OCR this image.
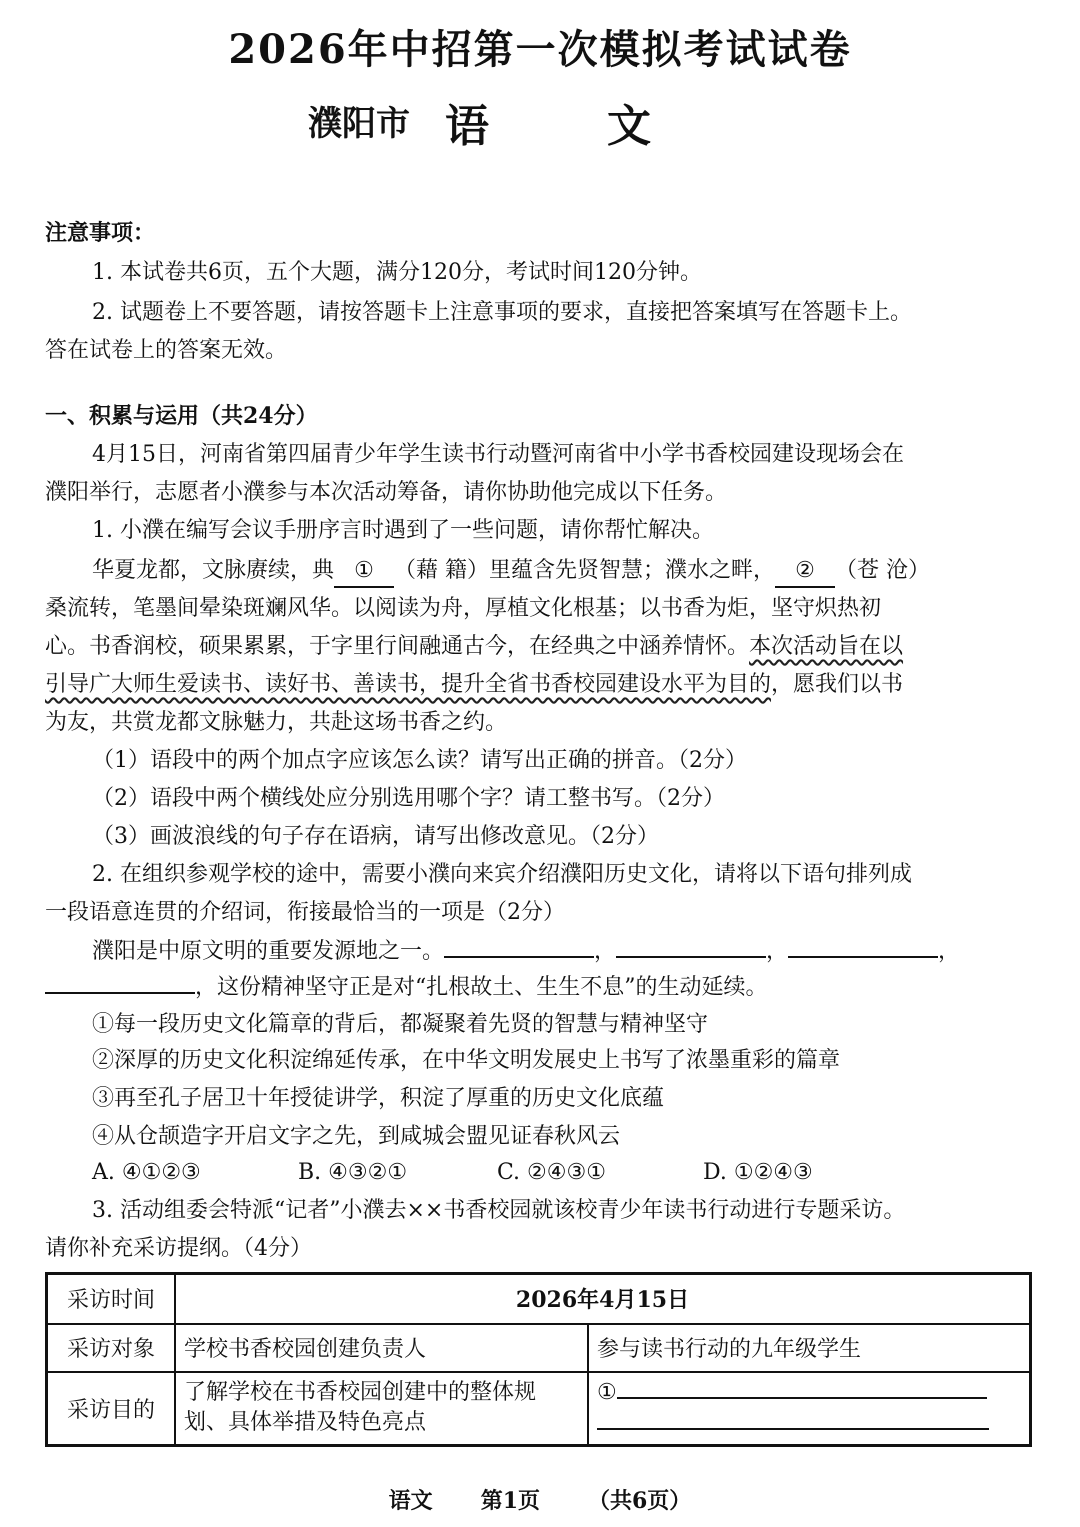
2026年中招第一次模拟考试试卷
濮阳市 语文
注意事项：
1. 本试卷共6页，五个大题，满分120分，考试时间120分钟。
2. 试题卷上不要答题，请按答题卡上注意事项的要求，直接把答案填写在答题卡上。
答在试卷上的答案无效。
一、积累与运用（共24分）
4月15日，河南省第四届青少年学生读书行动暨河南省中小学书香校园建设现场会在
濮阳举行，志愿者小濮参与本次活动筹备，请你协助他完成以下任务。
1. 小濮在编写会议手册序言时遇到了一些问题，请你帮忙解决。
华夏龙都，文脉赓续，典 ① （藉 籍）里蕴含先贤智慧；濮水之畔， ② （苍 沧）
桑流转，笔墨间晕染斑斓风华。以阅读为舟，厚植文化根基；以书香为炬，坚守炽热初
心。书香润校，硕果累累，于字里行间融通古今，在经典之中涵养情怀。本次活动旨在以
引导广大师生爱读书、读好书、善读书，提升全省书香校园建设水平为目的，愿我们以书
为友，共赏龙都文脉魅力，共赴这场书香之约。
（1）语段中的两个加点字应该怎么读？请写出正确的拼音。（2分）
（2）语段中两个横线处应分别选用哪个字？请工整书写。（2分）
（3）画波浪线的句子存在语病，请写出修改意见。（2分）
2. 在组织参观学校的途中，需要小濮向来宾介绍濮阳历史文化，请将以下语句排列成
一段语意连贯的介绍词，衔接最恰当的一项是（2分）
濮阳是中原文明的重要发源地之一。	，	，	，
，这份精神坚守正是对“扎根故土、生生不息”的生动延续。
①每一段历史文化篇章的背后，都凝聚着先贤的智慧与精神坚守
②深厚的历史文化积淀绵延传承，在中华文明发展史上书写了浓墨重彩的篇章
③再至孔子居卫十年授徒讲学，积淀了厚重的历史文化底蕴
④从仓颉造字开启文字之先，到咸城会盟见证春秋风云
A. ④①②③	B. ④③②①	C. ②④③①	D. ①②④③
3. 活动组委会特派“记者”小濮去××书香校园就该校青少年读书行动进行专题采访。
请你补充采访提纲。（4分）
采访时间	2026年4月15日	
采访对象	学校书香校园创建负责人	参与读书行动的九年级学生
采访目的	了解学校在书香校园创建中的整体规
划、具体举措及特色亮点	①
语文 第1页 （共6页）
